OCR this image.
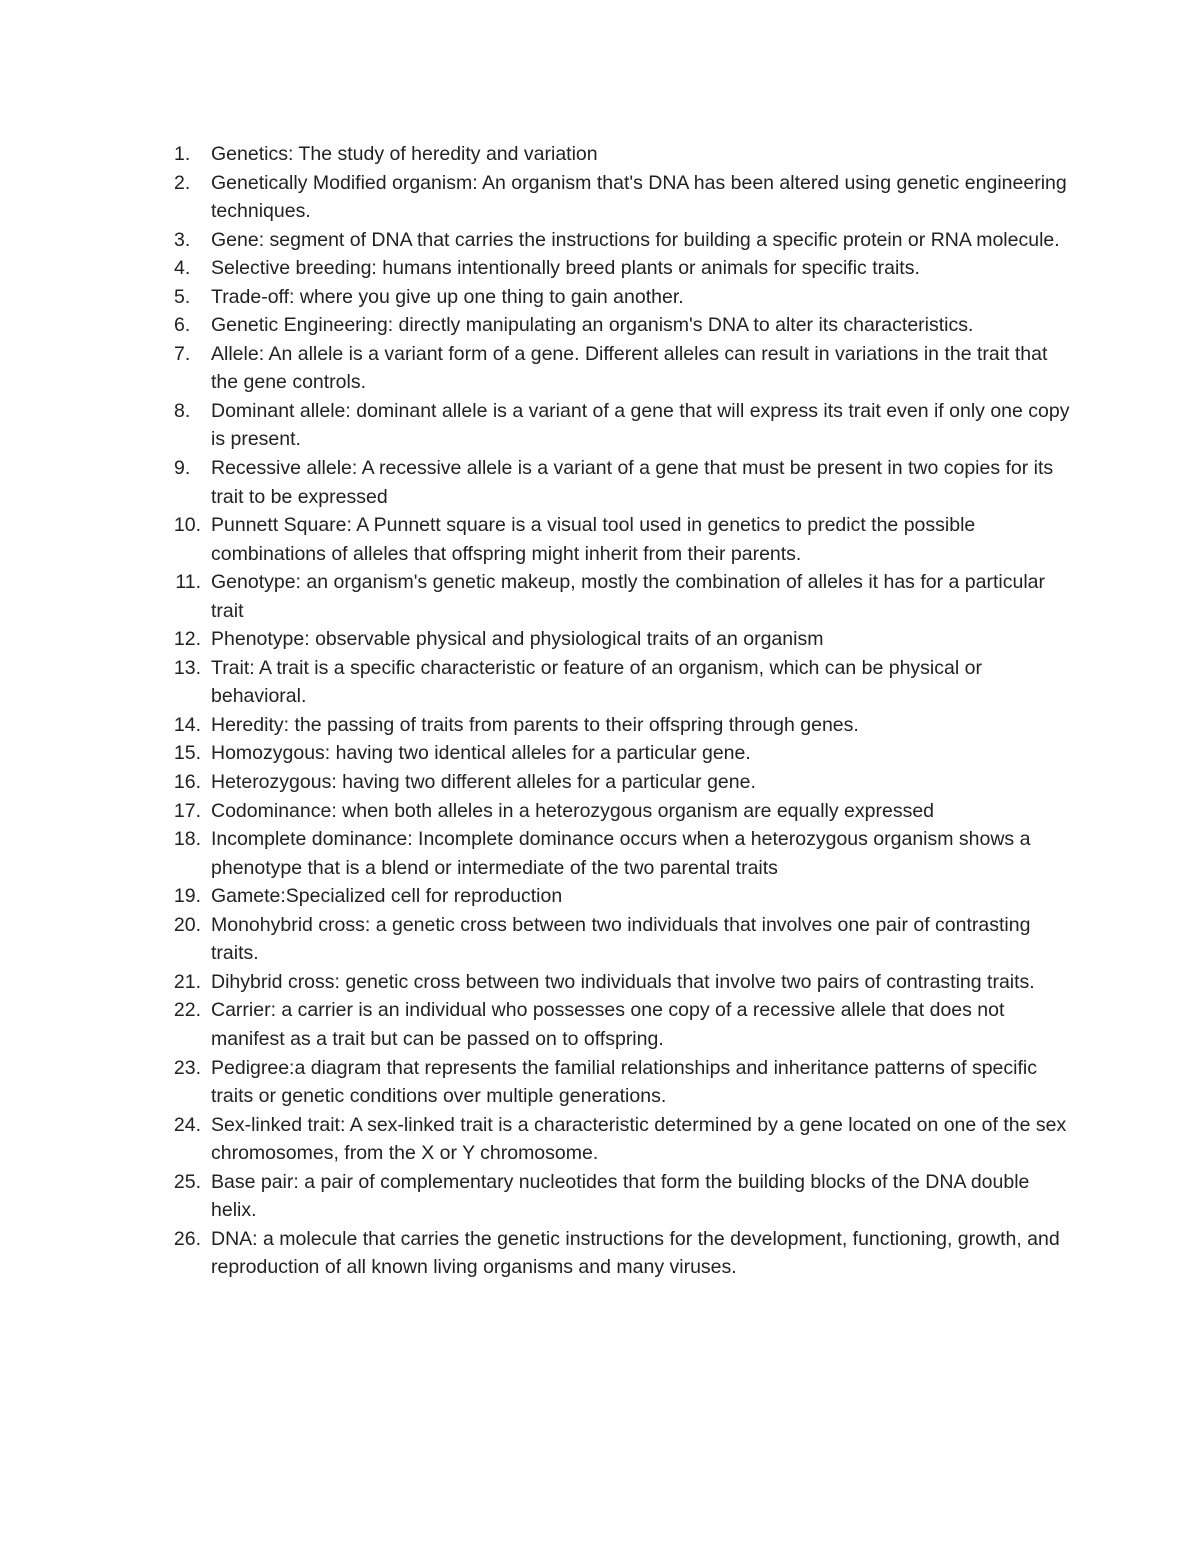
1.	Genetics: The study of heredity and variation
2.	Genetically Modified organism: An organism that's DNA has been altered using genetic engineering techniques.
3.	Gene: segment of DNA that carries the instructions for building a specific protein or RNA molecule.
4.	Selective breeding: humans intentionally breed plants or animals for specific traits.
5.	Trade-off: where you give up one thing to gain another.
6.	Genetic Engineering: directly manipulating an organism's DNA to alter its characteristics.
7.	Allele: An allele is a variant form of a gene. Different alleles can result in variations in the trait that the gene controls.
8.	Dominant allele: dominant allele is a variant of a gene that will express its trait even if only one copy is present.
9.	Recessive allele: A recessive allele is a variant of a gene that must be present in two copies for its trait to be expressed
10. Punnett Square: A Punnett square is a visual tool used in genetics to predict the possible combinations of alleles that offspring might inherit from their parents.
11. Genotype: an organism's genetic makeup, mostly the combination of alleles it has for a particular trait
12. Phenotype: observable physical and physiological traits of an organism
13. Trait: A trait is a specific characteristic or feature of an organism, which can be physical or behavioral.
14. Heredity: the passing of traits from parents to their offspring through genes.
15. Homozygous: having two identical alleles for a particular gene.
16. Heterozygous: having two different alleles for a particular gene.
17. Codominance: when both alleles in a heterozygous organism are equally expressed
18. Incomplete dominance: Incomplete dominance occurs when a heterozygous organism shows a phenotype that is a blend or intermediate of the two parental traits
19. Gamete:Specialized cell for reproduction
20. Monohybrid cross: a genetic cross between two individuals that involves one pair of contrasting traits.
21. Dihybrid cross: genetic cross between two individuals that involve two pairs of contrasting traits.
22. Carrier: a carrier is an individual who possesses one copy of a recessive allele that does not manifest as a trait but can be passed on to offspring.
23. Pedigree:a diagram that represents the familial relationships and inheritance patterns of specific traits or genetic conditions over multiple generations.
24. Sex-linked trait: A sex-linked trait is a characteristic determined by a gene located on one of the sex chromosomes, from the X or Y chromosome.
25. Base pair: a pair of complementary nucleotides that form the building blocks of the DNA double helix.
26. DNA: a molecule that carries the genetic instructions for the development, functioning, growth, and reproduction of all known living organisms and many viruses.
